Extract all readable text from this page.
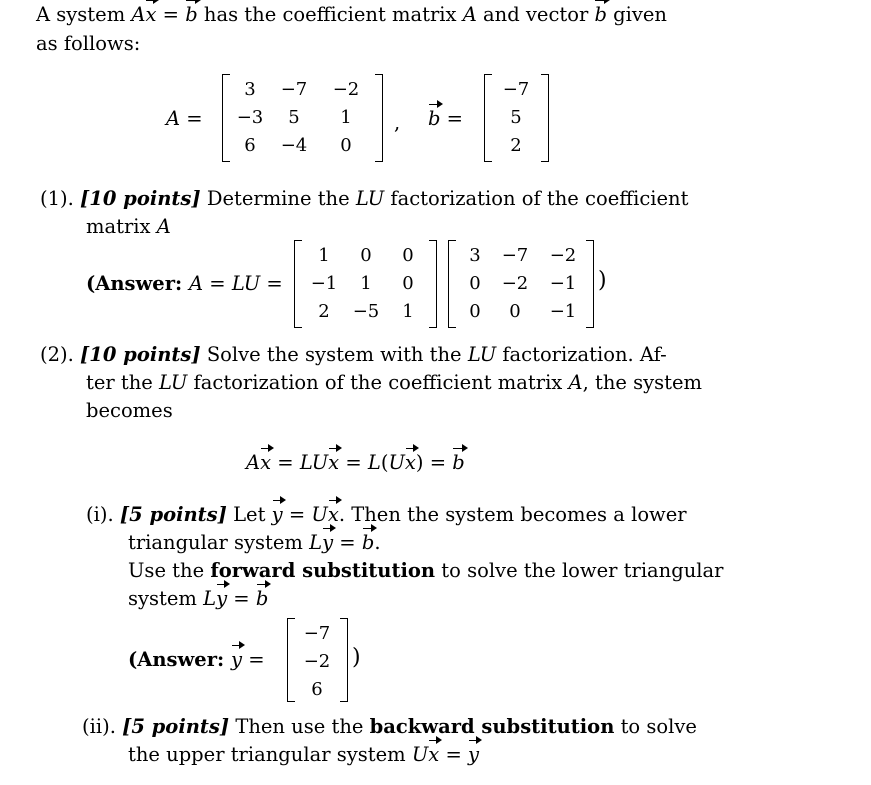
A system Ax = b has the coefficient matrix A and vector b given
as follows:
A =
3	−7	−2
−3	5	1
6	−4	0
, b =
−7
5
2
(1). [10 points] Determine the LU factorization of the coefficient
matrix A
(Answer: A = LU =
1	0	0
−1	1	0
2	−5	1
3	−7	−2
0	−2	−1
0	0	−1
)
(2). [10 points] Solve the system with the LU factorization. Af-
ter the LU factorization of the coefficient matrix A, the system
becomes
Ax = LUx = L(Ux) = b
(i). [5 points] Let y = Ux. Then the system becomes a lower
triangular system Ly = b.
Use the forward substitution to solve the lower triangular
system Ly = b
(Answer: y =
−7
−2
6
)
(ii). [5 points] Then use the backward substitution to solve
the upper triangular system Ux = y
